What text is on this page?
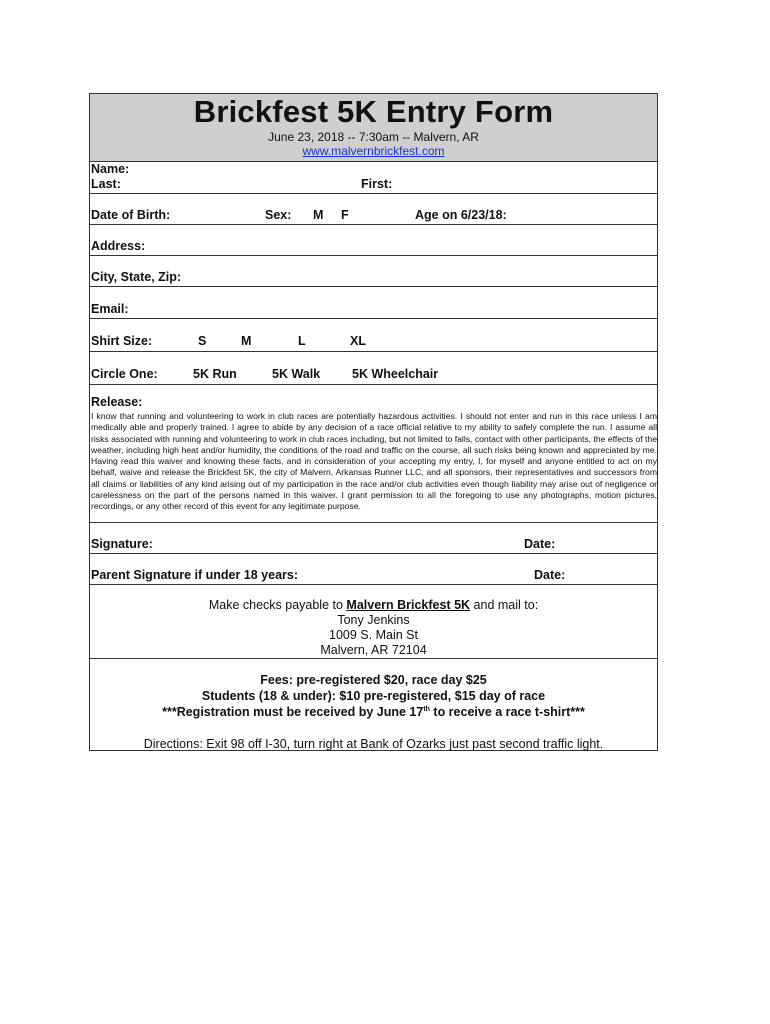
Brickfest 5K Entry Form
June 23, 2018 -- 7:30am -- Malvern, AR
www.malvernbrickfest.com
Name:
Last:	First:
Date of Birth:	Sex: M F	Age on 6/23/18:
Address:
City, State, Zip:
Email:
Shirt Size:	S	M	L	XL
Circle One:	5K Run	5K Walk	5K Wheelchair
Release:
I know that running and volunteering to work in club races are potentially hazardous activities. I should not enter and run in this race unless I am medically able and properly trained. I agree to abide by any decision of a race official relative to my ability to safely complete the run. I assume all risks associated with running and volunteering to work in club races including, but not limited to falls, contact with other participants, the effects of the weather, including high heat and/or humidity, the conditions of the road and traffic on the course, all such risks being known and appreciated by me. Having read this waiver and knowing these facts, and in consideration of your accepting my entry, I, for myself and anyone entitled to act on my behalf, waive and release the Brickfest 5K, the city of Malvern, Arkansas Runner LLC, and all sponsors, their representatives and successors from all claims or liabilities of any kind arising out of my participation in the race and/or club activities even though liability may arise out of negligence or carelessness on the part of the persons named in this waiver. I grant permission to all the foregoing to use any photographs, motion pictures, recordings, or any other record of this event for any legitimate purpose.
Signature:	Date:
Parent Signature if under 18 years:	Date:
Make checks payable to Malvern Brickfest 5K and mail to:
Tony Jenkins
1009 S. Main St
Malvern, AR 72104
Fees: pre-registered $20, race day $25
Students (18 & under): $10 pre-registered, $15 day of race
***Registration must be received by June 17th to receive a race t-shirt***
Directions: Exit 98 off I-30, turn right at Bank of Ozarks just past second traffic light.
